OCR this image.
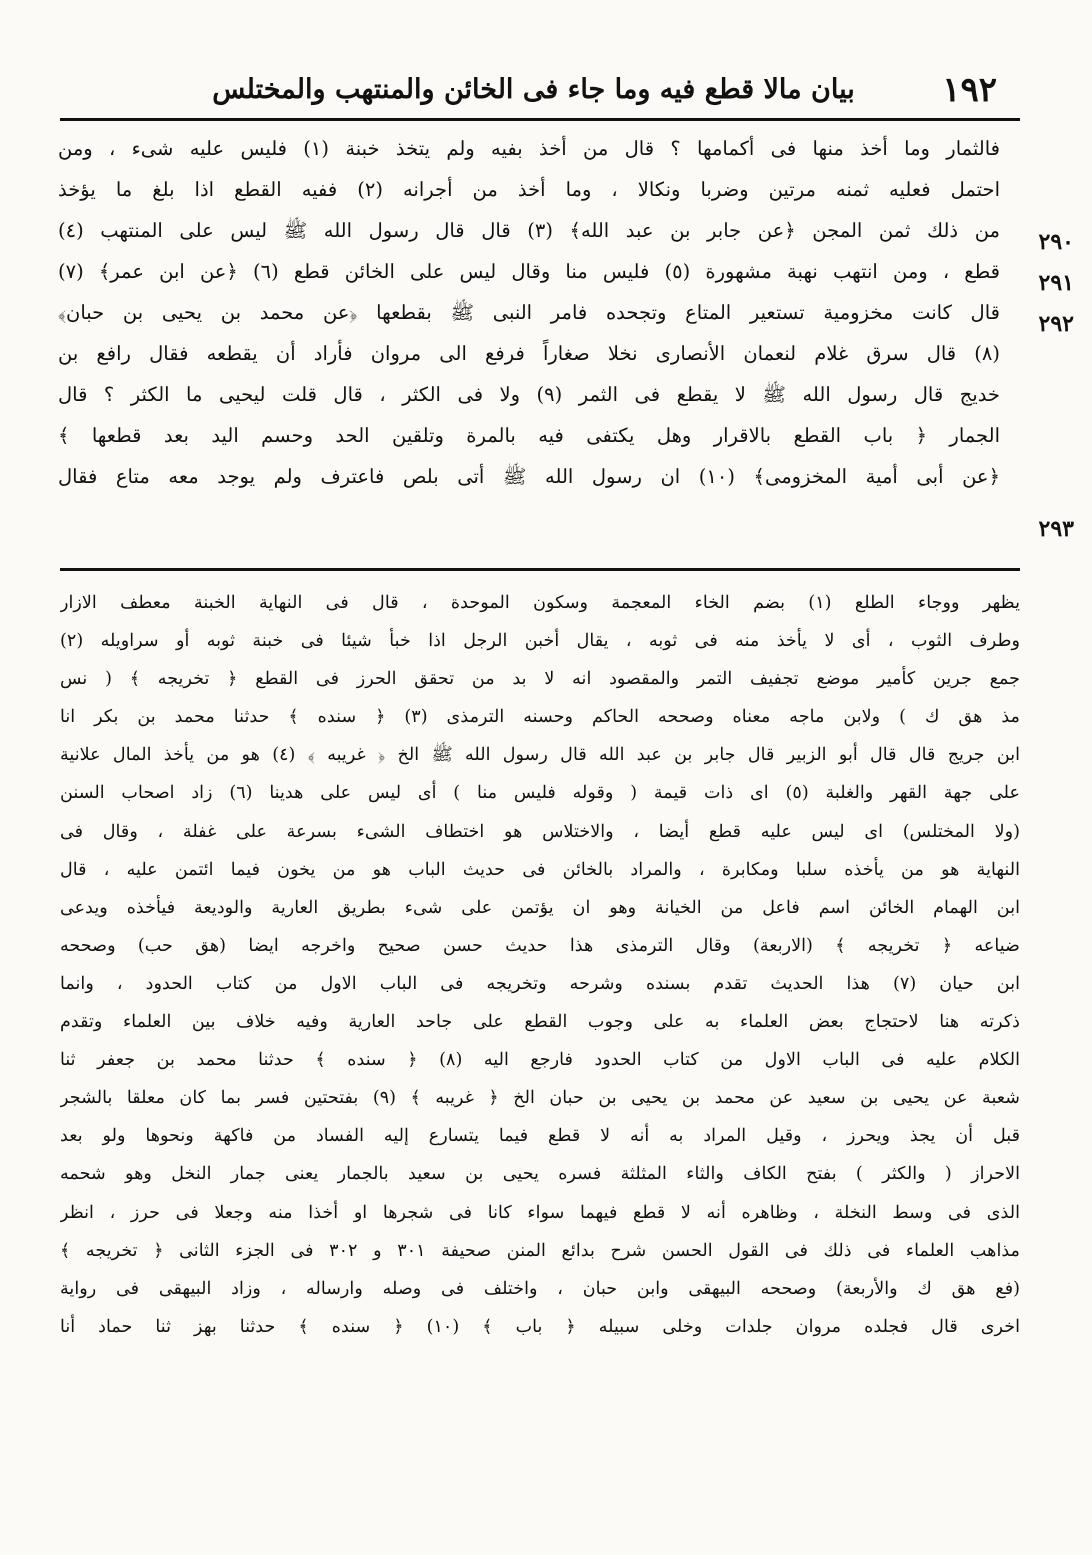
١٩٢
بيان مالا قطع فيه وما جاء فى الخائن والمنتهب والمختلس
٢٩٠
٢٩١
٢٩٢
٢٩٣
فالثمار وما أخذ منها فى أكمامها ؟ قال من أخذ بفيه ولم يتخذ خبنة (١) فليس عليه شىء ، ومن
احتمل فعليه ثمنه مرتين وضربا ونكالا ، وما أخذ من أجرانه (٢) ففيه القطع اذا بلغ ما يؤخذ
من ذلك ثمن المجن ﴿عن جابر بن عبد الله﴾ (٣) قال قال رسول الله ﷺ ليس على المنتهب (٤)
قطع ، ومن انتهب نهبة مشهورة (٥) فليس منا وقال ليس على الخائن قطع (٦) ﴿عن ابن عمر﴾ (٧)
قال كانت مخزومية تستعير المتاع وتجحده فامر النبى ﷺ بقطعها ﴿عن محمد بن يحيى بن حبان﴾
(٨) قال سرق غلام لنعمان الأنصارى نخلا صغاراً فرفع الى مروان فأراد أن يقطعه فقال رافع بن
خديج قال رسول الله ﷺ لا يقطع فى الثمر (٩) ولا فى الكثر ، قال قلت ليحيى ما الكثر ؟ قال
الجمار ﴿ باب القطع بالاقرار وهل يكتفى فيه بالمرة وتلقين الحد وحسم اليد بعد قطعها ﴾
﴿عن أبى أمية المخزومى﴾ (١٠) ان رسول الله ﷺ أتى بلص فاعترف ولم يوجد معه متاع فقال
يظهر ووجاء الطلع (١) بضم الخاء المعجمة وسكون الموحدة ، قال فى النهاية الخبنة معطف الازار
وطرف الثوب ، أى لا يأخذ منه فى ثوبه ، يقال أخبن الرجل اذا خبأ شيئا فى خبنة ثوبه أو سراويله (٢)
جمع جرين كأمير موضع تجفيف التمر والمقصود انه لا بد من تحقق الحرز فى القطع ﴿ تخريجه ﴾ ( نس
مذ هق ك ) ولابن ماجه معناه وصححه الحاكم وحسنه الترمذى (٣) ﴿ سنده ﴾ حدثنا محمد بن بكر انا
ابن جريج قال قال أبو الزبير قال جابر بن عبد الله قال رسول الله ﷺ الخ ﴿ غريبه ﴾ (٤) هو من يأخذ المال علانية
على جهة القهر والغلبة (٥) اى ذات قيمة ( وقوله فليس منا ) أى ليس على هدينا (٦) زاد اصحاب السنن
(ولا المختلس) اى ليس عليه قطع أيضا ، والاختلاس هو اختطاف الشىء بسرعة على غفلة ، وقال فى
النهاية هو من يأخذه سلبا ومكابرة ، والمراد بالخائن فى حديث الباب هو من يخون فيما ائتمن عليه ، قال
ابن الهمام الخائن اسم فاعل من الخيانة وهو ان يؤتمن على شىء بطريق العارية والوديعة فيأخذه ويدعى
ضياعه ﴿ تخريجه ﴾ (الاربعة) وقال الترمذى هذا حديث حسن صحيح واخرجه ايضا (هق حب) وصححه
ابن حيان (٧) هذا الحديث تقدم بسنده وشرحه وتخريجه فى الباب الاول من كتاب الحدود ، وانما
ذكرته هنا لاحتجاج بعض العلماء به على وجوب القطع على جاحد العارية وفيه خلاف بين العلماء وتقدم
الكلام عليه فى الباب الاول من كتاب الحدود فارجع اليه (٨) ﴿ سنده ﴾ حدثنا محمد بن جعفر ثنا
شعبة عن يحيى بن سعيد عن محمد بن يحيى بن حبان الخ ﴿ غريبه ﴾ (٩) بفتحتين فسر بما كان معلقا بالشجر
قبل أن يجذ ويحرز ، وقيل المراد به أنه لا قطع فيما يتسارع إليه الفساد من فاكهة ونحوها ولو بعد
الاحراز ( والكثر ) بفتح الكاف والثاء المثلثة فسره يحيى بن سعيد بالجمار يعنى جمار النخل وهو شحمه
الذى فى وسط النخلة ، وظاهره أنه لا قطع فيهما سواء كانا فى شجرها او أخذا منه وجعلا فى حرز ، انظر
مذاهب العلماء فى ذلك فى القول الحسن شرح بدائع المنن صحيفة ٣٠١ و ٣٠٢ فى الجزء الثانى ﴿ تخريجه ﴾
(فع هق ك والأربعة) وصححه البيهقى وابن حبان ، واختلف فى وصله وارساله ، وزاد البيهقى فى رواية
اخرى قال فجلده مروان جلدات وخلى سبيله ﴿ باب ﴾ (١٠) ﴿ سنده ﴾ حدثنا بهز ثنا حماد أنا
